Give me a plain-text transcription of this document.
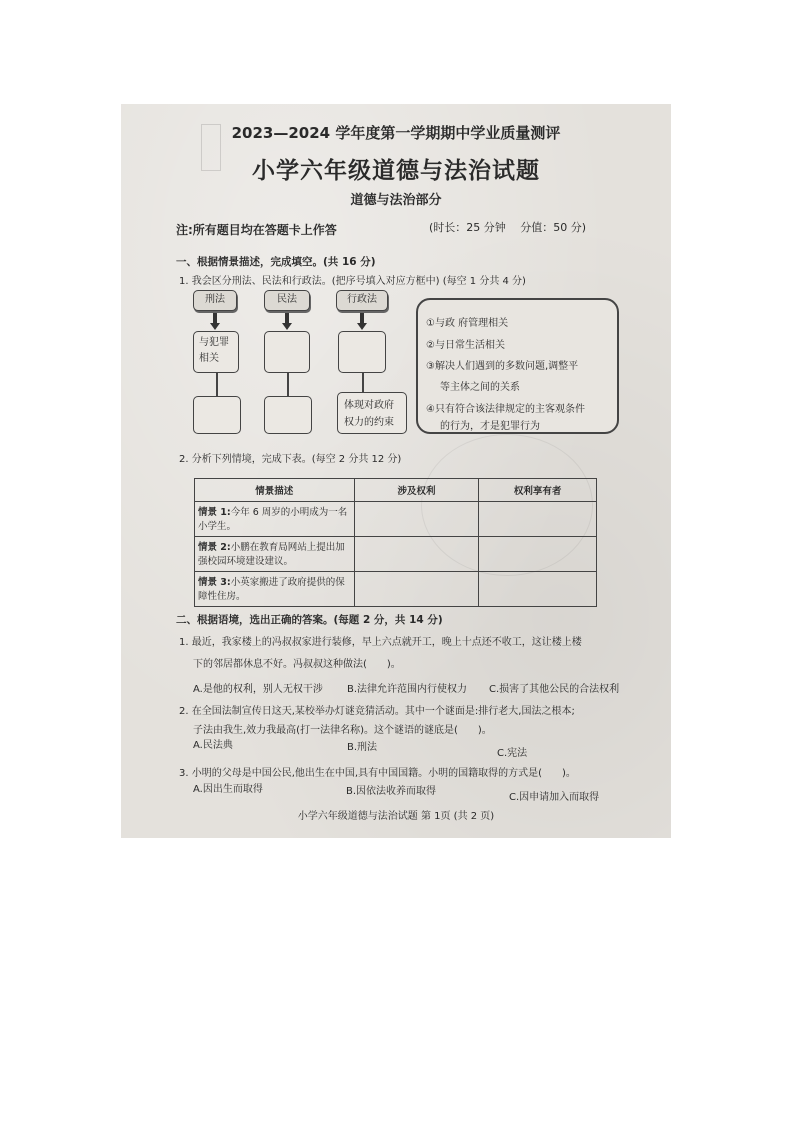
2023—2024 学年度第一学期期中学业质量测评
小学六年级道德与法治试题
道德与法治部分
注:所有题目均在答题卡上作答	(时长：25 分钟　 分值：50 分)
一、根据情景描述，完成填空。(共 16 分)
1. 我会区分刑法、民法和行政法。(把序号填入对应方框中) (每空 1 分共 4 分)
刑法	民法	行政法
与犯罪
相关
体现对政府
权力的约束
①与政 府管理相关
②与日常生活相关
③解决人们遇到的多数问题,调整平
等主体之间的关系
④只有符合该法律规定的主客观条件
的行为，才是犯罪行为
2. 分析下列情境，完成下表。(每空 2 分共 12 分)
情景描述	涉及权利	权利享有者
情景 1:今年 6 周岁的小明成为一名小学生。		
情景 2:小鹏在教育局网站上提出加强校园环境建设建议。		
情景 3:小英家搬进了政府提供的保障性住房。		
二、根据语境，选出正确的答案。(每题 2 分，共 14 分)
1. 最近，我家楼上的冯叔叔家进行装修，早上六点就开工，晚上十点还不收工，这让楼上楼
下的邻居都休息不好。冯叔叔这种做法(　　)。
A.是他的权利，别人无权干涉 B.法律允许范围内行使权力 C.损害了其他公民的合法权利
2. 在全国法制宣传日这天,某校举办灯谜竞猜活动。其中一个谜面是:排行老大,国法之根本;
子法由我生,效力我最高(打一法律名称)。这个谜语的谜底是(　　)。
A.民法典	B.刑法
C.宪法
3. 小明的父母是中国公民,他出生在中国,具有中国国籍。小明的国籍取得的方式是(　　)。
A.因出生而取得	B.因依法收养而取得
C.因申请加入而取得
小学六年级道德与法治试题 第 1页 (共 2 页)
